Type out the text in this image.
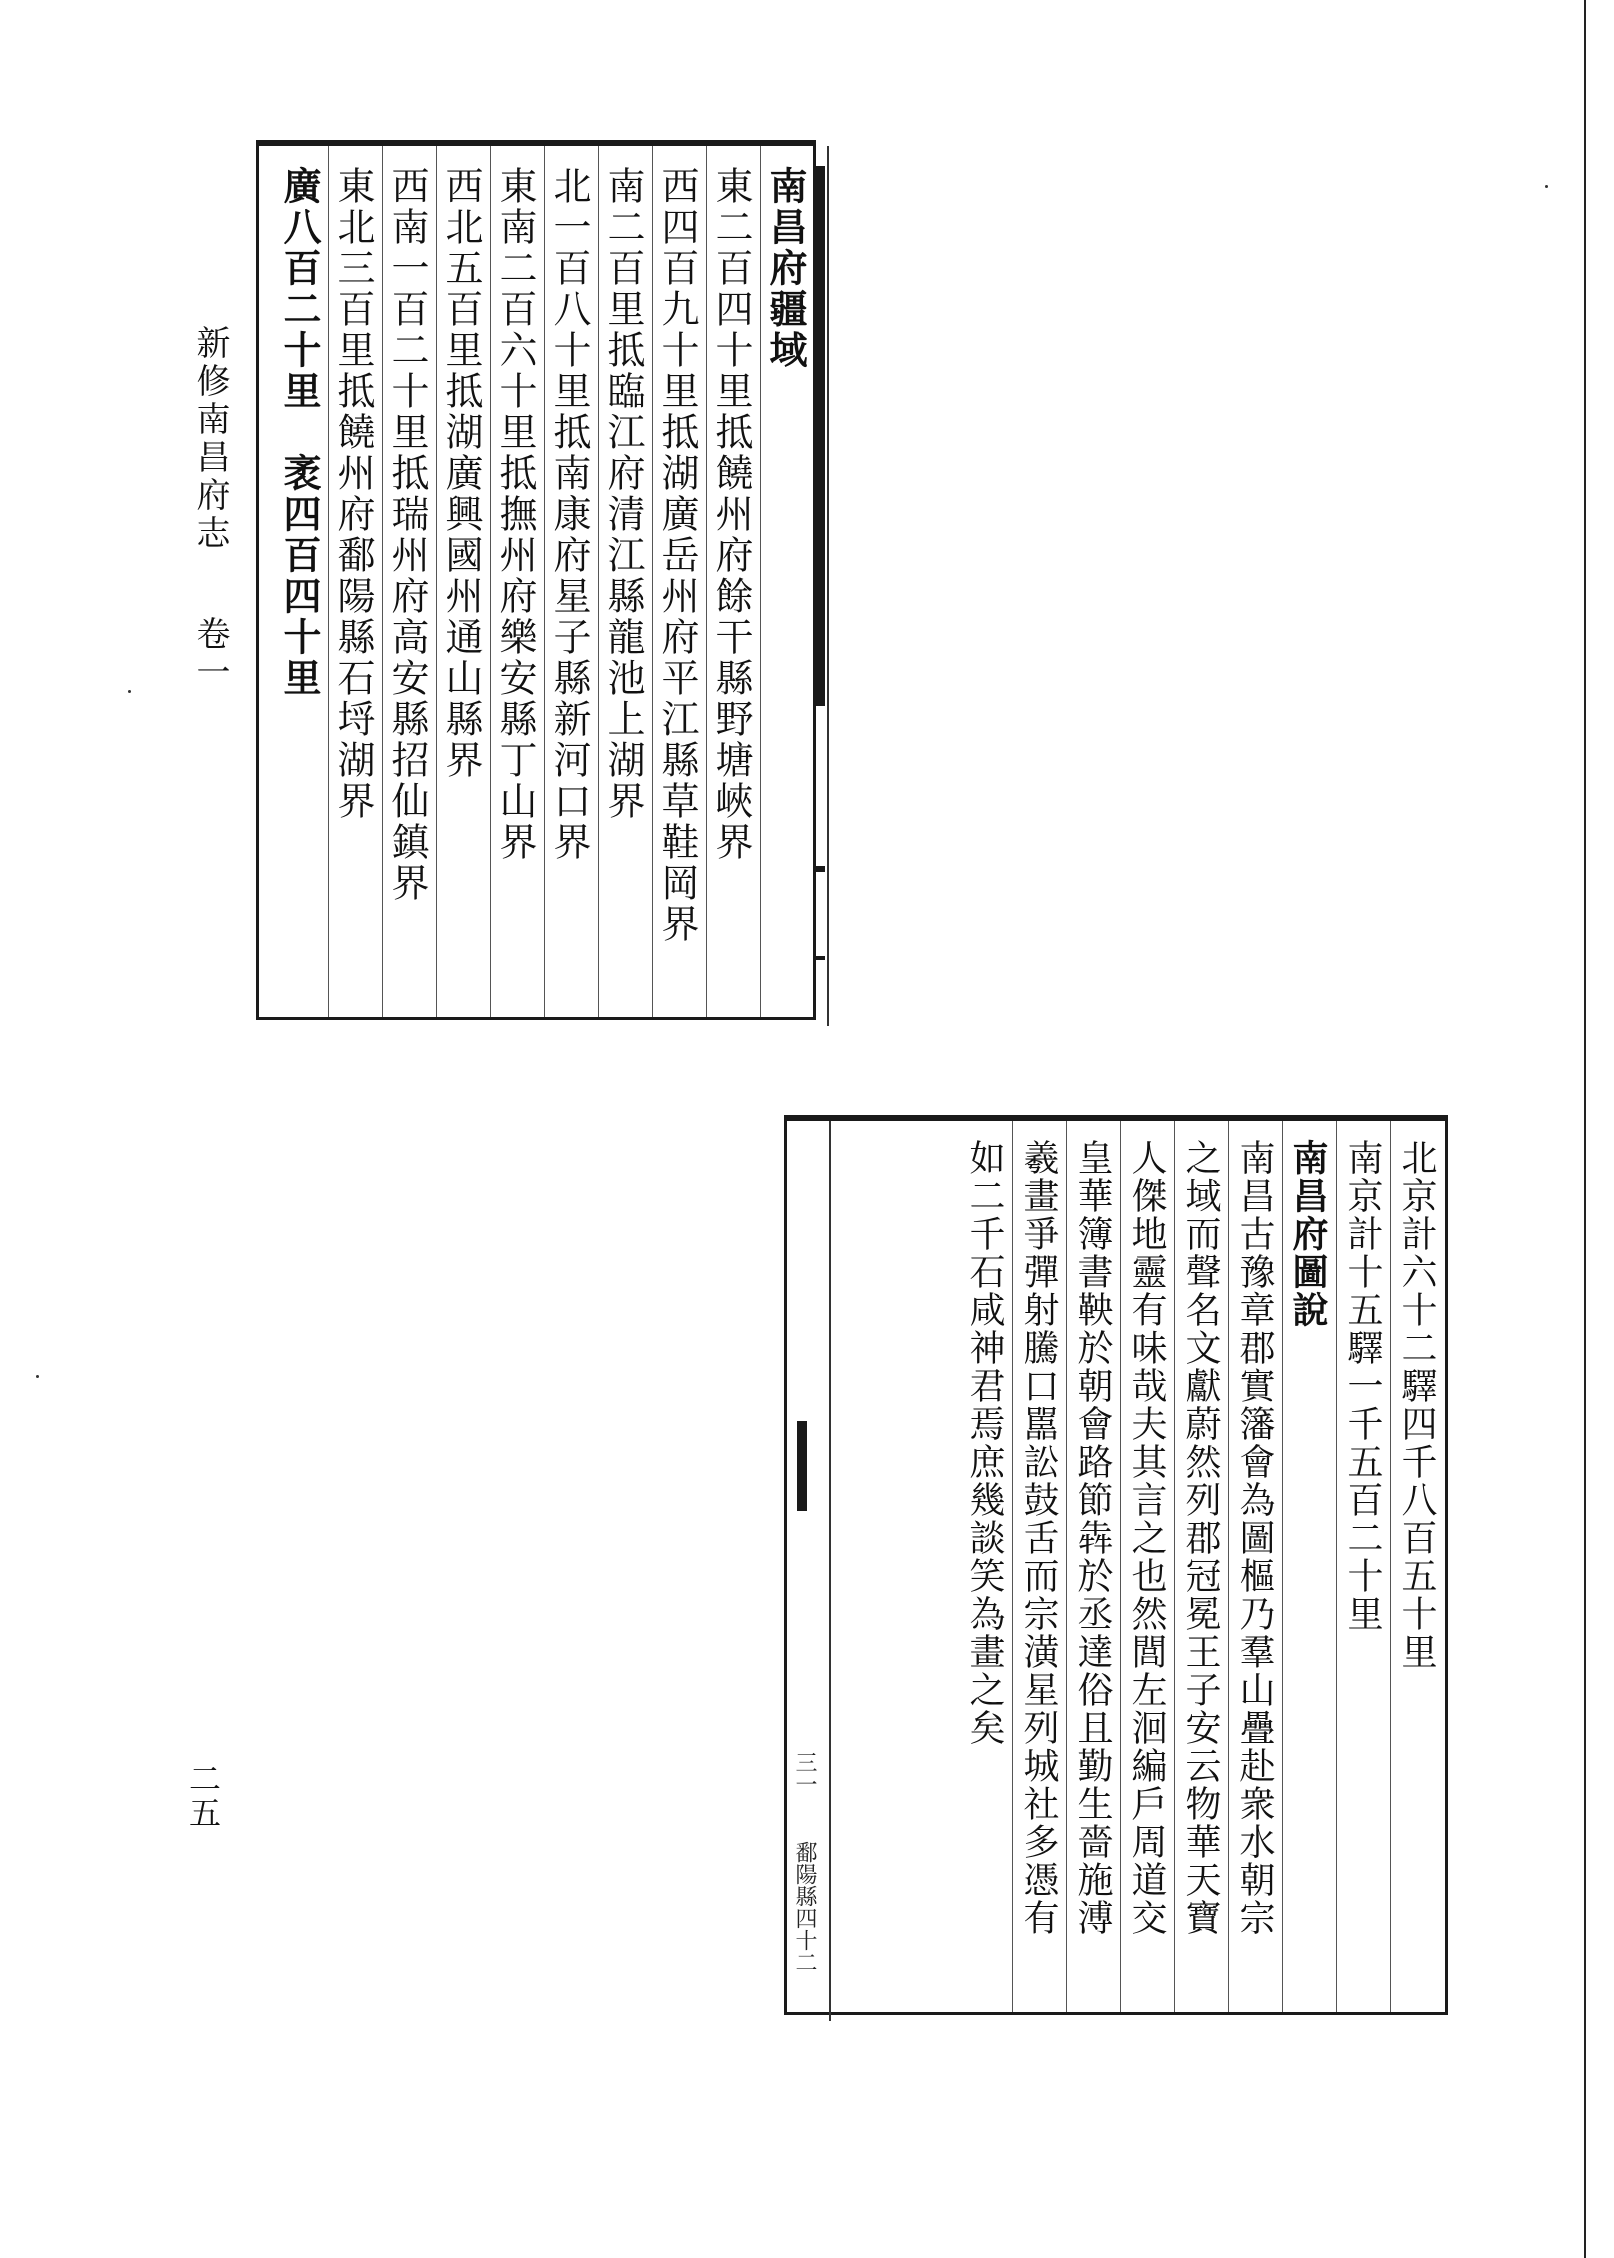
新修南昌府志 卷一
二五
南昌府疆域
東二百四十里抵饒州府餘干縣野塘峽界
西四百九十里抵湖廣岳州府平江縣草鞋岡界
南二百里抵臨江府清江縣龍池上湖界
北一百八十里抵南康府星子縣新河口界
東南二百六十里抵撫州府樂安縣丁山界
西北五百里抵湖廣興國州通山縣界
西南一百二十里抵瑞州府高安縣招仙鎮界
東北三百里抵饒州府鄱陽縣石埒湖界
廣八百二十里　袤四百四十里
三一
鄱陽縣四十二
北京計六十二驛四千八百五十里
南京計十五驛一千五百二十里
南昌府圖說
南昌古豫章郡實籓會為圖樞乃羣山疊赴衆水朝宗
之域而聲名文獻蔚然列郡冠冕王子安云物華天寶
人傑地靈有味哉夫其言之也然閭左洄編戶周道交
皇華簿書鞅於朝會路節犇於丞達俗且勤生嗇施溥
羲畫爭彈射騰口嚚訟鼓舌而宗潢星列城社多憑有
如二千石咸神君焉庶幾談笑為畫之矣
